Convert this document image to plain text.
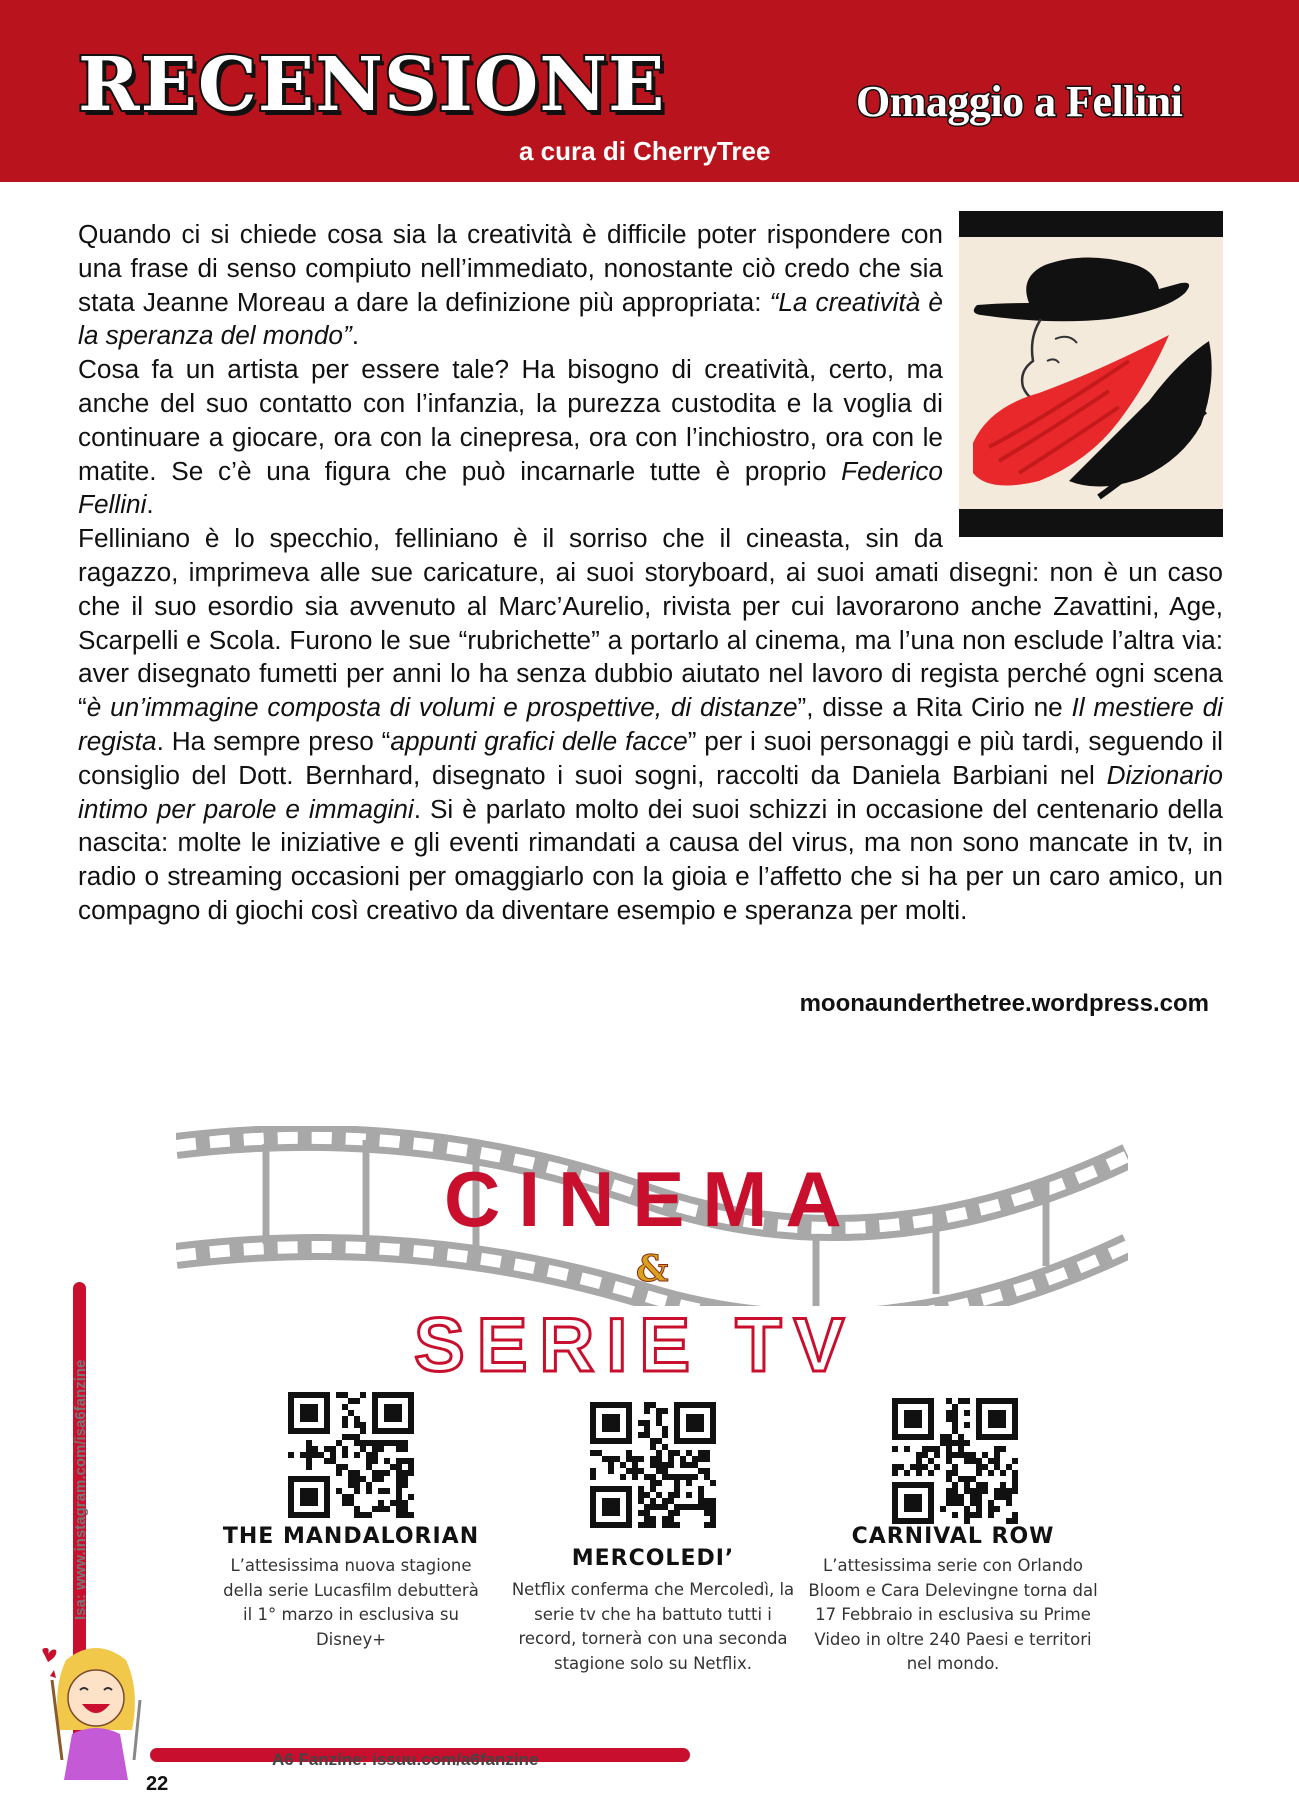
RECENSIONE	Omaggio a Fellini
a cura di CherryTree

Quando ci si chiede cosa sia la creatività è difficile poter rispondere con una frase di senso compiuto nell’immediato, nonostante ciò credo che sia stata Jeanne Moreau a dare la definizione più appropriata: “La creatività è la speranza del mondo”.

Cosa fa un artista per essere tale? Ha bisogno di creatività, certo, ma anche del suo contatto con l’infanzia, la purezza custodita e la voglia di continuare a giocare, ora con la cinepresa, ora con l’inchiostro, ora con le matite. Se c’è una figura che può incarnarle tutte è proprio Federico Fellini.

Felliniano è lo specchio, felliniano è il sorriso che il cineasta, sin da ragazzo, imprimeva alle sue caricature, ai suoi storyboard, ai suoi amati disegni: non è un caso che il suo esordio sia avvenuto al Marc’Aurelio, rivista per cui lavorarono anche Zavattini, Age, Scarpelli e Scola. Furono le sue “rubrichette” a portarlo al cinema, ma l’una non esclude l’altra via: aver disegnato fumetti per anni lo ha senza dubbio aiutato nel lavoro di regista perché ogni scena “è un’immagine composta di volumi e prospettive, di distanze”, disse a Rita Cirio ne Il mestiere di regista. Ha sempre preso “appunti grafici delle facce” per i suoi personaggi e più tardi, seguendo il consiglio del Dott. Bernhard, disegnato i suoi sogni, raccolti da Daniela Barbiani nel Dizionario intimo per parole e immagini. Si è parlato molto dei suoi schizzi in occasione del centenario della nascita: molte le iniziative e gli eventi rimandati a causa del virus, ma non sono mancate in tv, in radio o streaming occasioni per omaggiarlo con la gioia e l’affetto che si ha per un caro amico, un compagno di giochi così creativo da diventare esempio e speranza per molti.

moonaunderthetree.wordpress.com
CINEMA
&
SERIE TV
THE MANDALORIAN
L’attesissima nuova stagione della serie Lucasfilm debutterà il 1° marzo in esclusiva su Disney+
MERCOLEDI’
Netflix conferma che Mercoledì, la serie tv che ha battuto tutti i record, tornerà con una seconda stagione solo su Netflix.
CARNIVAL ROW
L’attesissima serie con Orlando Bloom e Cara Delevingne torna dal 17 Febbraio in esclusiva su Prime Video in oltre 240 Paesi e territori nel mondo.
Isa: www.instagram.com/isa6fanzine
A6 Fanzine: issuu.com/a6fanzine
22
